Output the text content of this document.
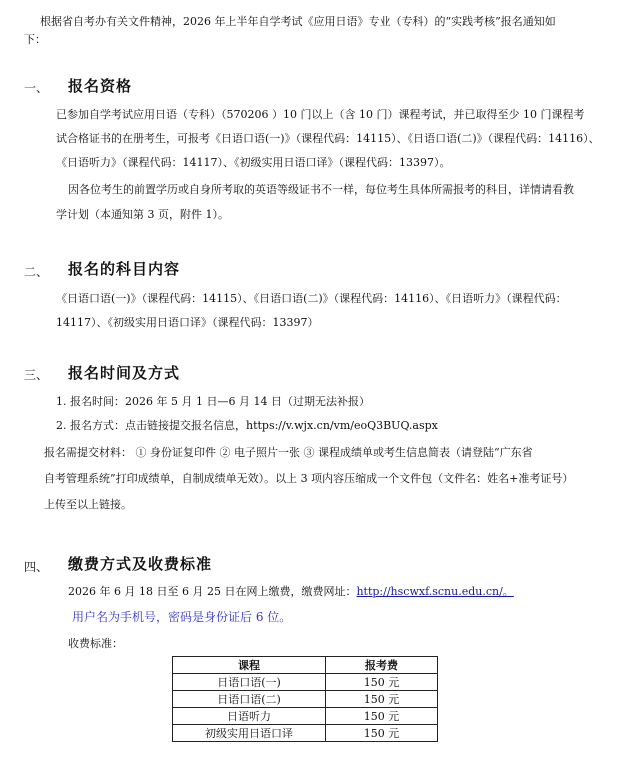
根据省自考办有关文件精神，2026 年上半年自学考试《应用日语》专业（专科）的“实践考核”报名通知如
下：
一、 报名资格
已参加自学考试应用日语（专科）（570206 ）10 门以上（含 10 门）课程考试，并已取得至少 10 门课程考
试合格证书的在册考生，可报考《日语口语(一)》（课程代码：14115）、《日语口语(二)》（课程代码：14116）、
《日语听力》（课程代码：14117）、《初级实用日语口译》（课程代码：13397）。
因各位考生的前置学历或自身所考取的英语等级证书不一样，每位考生具体所需报考的科目，详情请看教
学计划（本通知第 3 页，附件 1）。
二、 报名的科目内容
《日语口语(一)》（课程代码：14115）、《日语口语(二)》（课程代码：14116）、《日语听力》（课程代码：
14117）、《初级实用日语口译》（课程代码：13397）
三、 报名时间及方式
1. 报名时间：2026 年 5 月 1 日—6 月 14 日（过期无法补报）
2. 报名方式：点击链接提交报名信息，https://v.wjx.cn/vm/eoQ3BUQ.aspx
报名需提交材料： ① 身份证复印件 ② 电子照片一张 ③ 课程成绩单或考生信息简表（请登陆“广东省
自考管理系统”打印成绩单，自制成绩单无效）。以上 3 项内容压缩成一个文件包（文件名：姓名+准考证号）
上传至以上链接。
四、 缴费方式及收费标准
2026 年 6 月 18 日至 6 月 25 日在网上缴费，缴费网址：http://hscwxf.scnu.edu.cn/。
用户名为手机号，密码是身份证后 6 位。
收费标准：
课程	报考费
日语口语(一)	150 元
日语口语(二)	150 元
日语听力	150 元
初级实用日语口译	150 元
